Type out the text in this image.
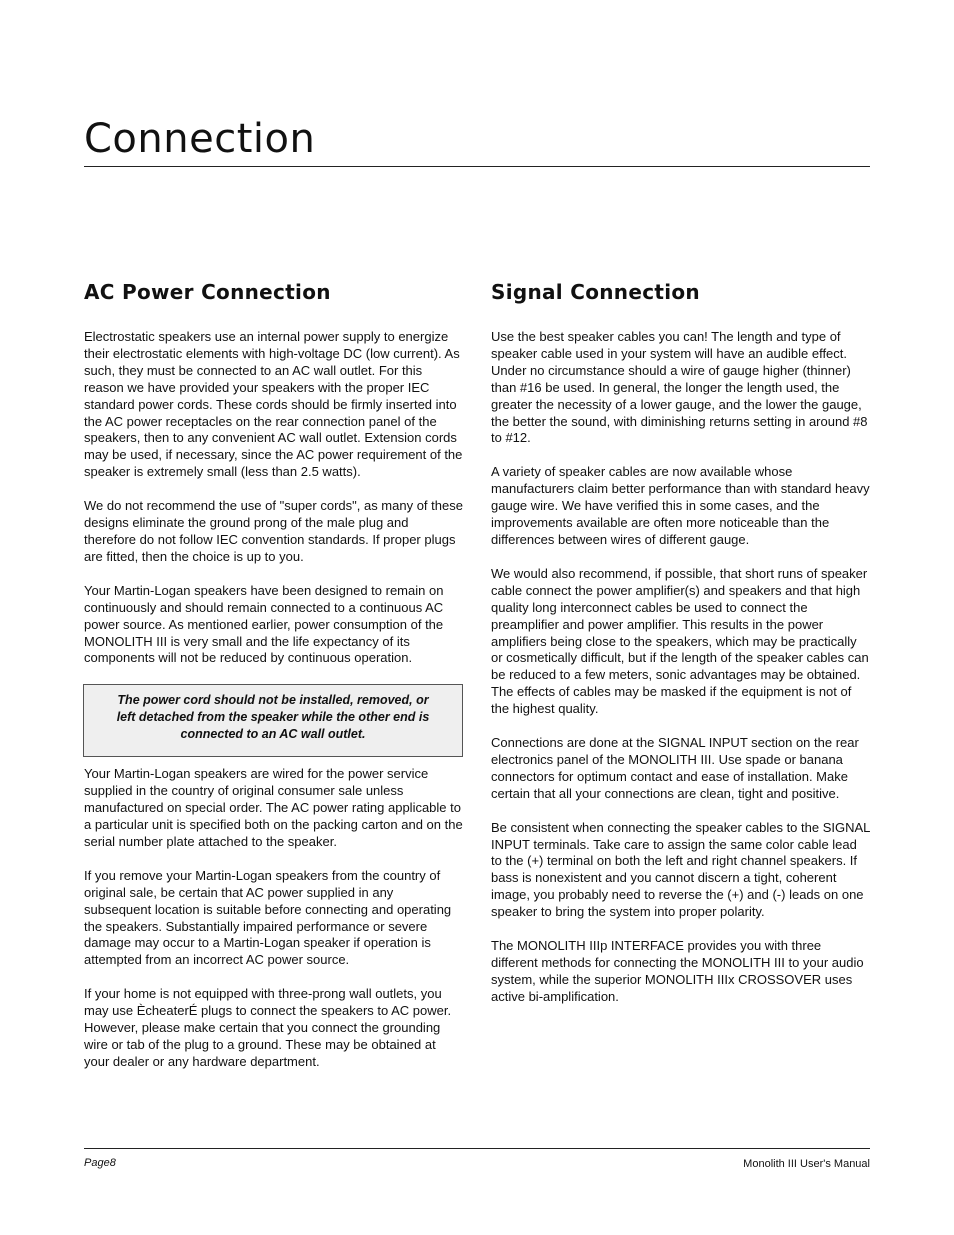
Connection
AC Power Connection

Electrostatic speakers use an internal power supply to energize their electrostatic elements with high-voltage DC (low current). As such, they must be connected to an AC wall outlet. For this reason we have provided your speakers with the proper IEC standard power cords. These cords should be firmly inserted into the AC power receptacles on the rear connection panel of the speakers, then to any convenient AC wall outlet. Extension cords may be used, if necessary, since the AC power requirement of the speaker is extremely small (less than 2.5 watts).

We do not recommend the use of "super cords", as many of these designs eliminate the ground prong of the male plug and therefore do not follow IEC convention standards. If proper plugs are fitted, then the choice is up to you.

Your Martin-Logan speakers have been designed to remain on continuously and should remain connected to a continuous AC power source. As mentioned earlier, power consumption of the MONOLITH III is very small and the life expectancy of its components will not be reduced by continuous operation.

The power cord should not be installed, removed, or left detached from the speaker while the other end is connected to an AC wall outlet.

Your Martin-Logan speakers are wired for the power service supplied in the country of original consumer sale unless manufactured on special order. The AC power rating applicable to a particular unit is specified both on the packing carton and on the serial number plate attached to the speaker.

If you remove your Martin-Logan speakers from the country of original sale, be certain that AC power supplied in any subsequent location is suitable before connecting and operating the speakers. Substantially impaired performance or severe damage may occur to a Martin-Logan speaker if operation is attempted from an incorrect AC power source.

If your home is not equipped with three-prong wall outlets, you may use ÈcheaterÉ plugs to connect the speakers to AC power. However, please make certain that you connect the grounding wire or tab of the plug to a ground. These may be obtained at your dealer or any hardware department.

Signal Connection

Use the best speaker cables you can! The length and type of speaker cable used in your system will have an audible effect. Under no circumstance should a wire of gauge higher (thinner) than #16 be used. In general, the longer the length used, the greater the necessity of a lower gauge, and the lower the gauge, the better the sound, with diminishing returns setting in around #8 to #12.

A variety of speaker cables are now available whose manufacturers claim better performance than with standard heavy gauge wire. We have verified this in some cases, and the improvements available are often more noticeable than the differences between wires of different gauge.

We would also recommend, if possible, that short runs of speaker cable connect the power amplifier(s) and speakers and that high quality long interconnect cables be used to connect the preamplifier and power amplifier. This results in the power amplifiers being close to the speakers, which may be practically or cosmetically difficult, but if the length of the speaker cables can be reduced to a few meters, sonic advantages may be obtained. The effects of cables may be masked if the equipment is not of the highest quality.

Connections are done at the SIGNAL INPUT section on the rear electronics panel of the MONOLITH III. Use spade or banana connectors for optimum contact and ease of installation. Make certain that all your connections are clean, tight and positive.

Be consistent when connecting the speaker cables to the SIGNAL INPUT terminals. Take care to assign the same color cable lead to the (+) terminal on both the left and right channel speakers. If bass is nonexistent and you cannot discern a tight, coherent image, you probably need to reverse the (+) and (-) leads on one speaker to bring the system into proper polarity.

The MONOLITH IIIp INTERFACE provides you with three different methods for connecting the MONOLITH III to your audio system, while the superior MONOLITH IIIx CROSSOVER uses active bi-amplification.

Page8	Monolith III User's Manual
